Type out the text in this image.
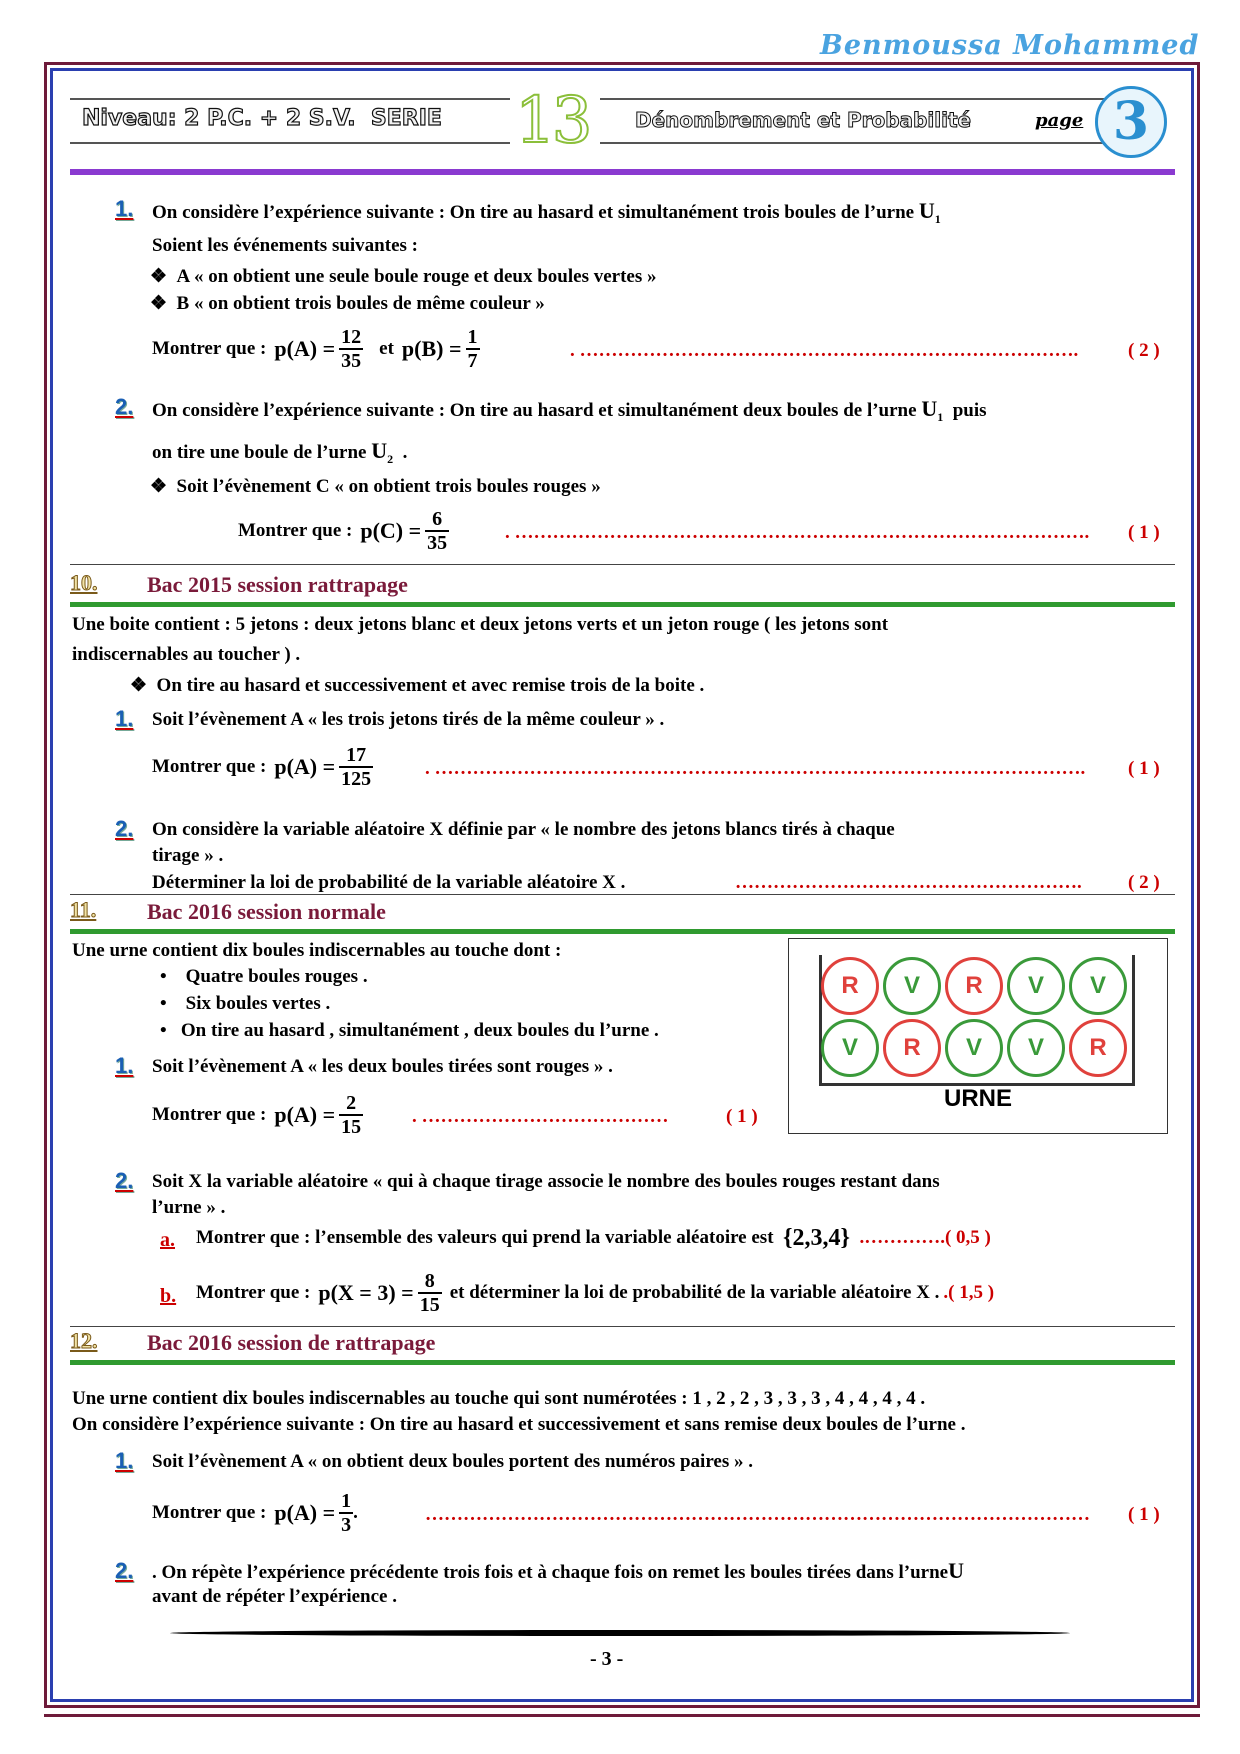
Benmoussa Mohammed
Niveau: 2 P.C. + 2 S.V. SERIE 13 Dénombrement et Probabilité	page 3
1. On considère l’expérience suivante : On tire au hasard et simultanément trois boules de l’urne $U_1$
Soient les événements suivantes :
❖  A « on obtient une seule boule rouge et deux boules vertes »
❖  B « on obtient trois boules de même couleur »
Montrer que :
p(A) =
$\frac{12}{35}$
et
p(B) =
$\frac{1}{7}$	. …………………………………………………………………….	( 2 )
2. On considère l’expérience suivante : On tire au hasard et simultanément deux boules de l’urne $U_1$ puis
on tire une boule de l’urne $U_2$ .
❖  Soit l’évènement C « on obtient trois boules rouges »
Montrer que :
p(C) =
$\frac{6}{35}$	. ……………………………………………………………………………….	( 1 )
10. Bac 2015 session rattrapage
Une boite contient : 5 jetons : deux jetons blanc et deux jetons verts et un jeton rouge ( les jetons sont
indiscernables au toucher ) .
❖  On tire au hasard et successivement et avec remise trois de la boite .
1. Soit l’évènement A « les trois jetons tirés de la même couleur » .
Montrer que :
p(A) =
$\frac{17}{125}$	. ………………………………………………………………………………………….	( 1 )
2. On considère la variable aléatoire X définie par « le nombre des jetons blancs tirés à chaque
tirage » .
Déterminer la loi de probabilité de la variable aléatoire X .	……………………………………………….	( 2 )
11. Bac 2016 session normale
Une urne contient dix boules indiscernables au touche dont :
•    Quatre boules rouges .
•    Six boules vertes .
•   On tire au hasard , simultanément , deux boules du l’urne .
R	V	R	V	V
V	R	V	V	R
URNE
1. Soit l’évènement A « les deux boules tirées sont rouges » .
Montrer que :
p(A) =
$\frac{2}{15}$	. …………………………………	( 1 )
2. Soit X la variable aléatoire « qui à chaque tirage associe le nombre des boules rouges restant dans
l’urne » .
a. Montrer que : l’ensemble des valeurs qui prend la variable aléatoire est
{2,3,4}
.………….( 0,5 )
b. Montrer que :
p(X = 3) =
$\frac{8}{15}$
et déterminer la loi de probabilité de la variable aléatoire X .
.( 1,5 )
12. Bac 2016 session de rattrapage
Une urne contient dix boules indiscernables au touche qui sont numérotées : 1 , 2 , 2 , 3 , 3 , 3 , 4 , 4 , 4 , 4 .
On considère l’expérience suivante : On tire au hasard et successivement et sans remise deux boules de l’urne .
1. Soit l’évènement A « on obtient deux boules portent des numéros paires » .
Montrer que :
p(A) =
$\frac{1}{3}$ .	……………………………………………………………………………………………	( 1 )
2. . On répète l’expérience précédente trois fois et à chaque fois on remet les boules tirées dans l’urneU
avant de répéter l’expérience .
- 3 -
